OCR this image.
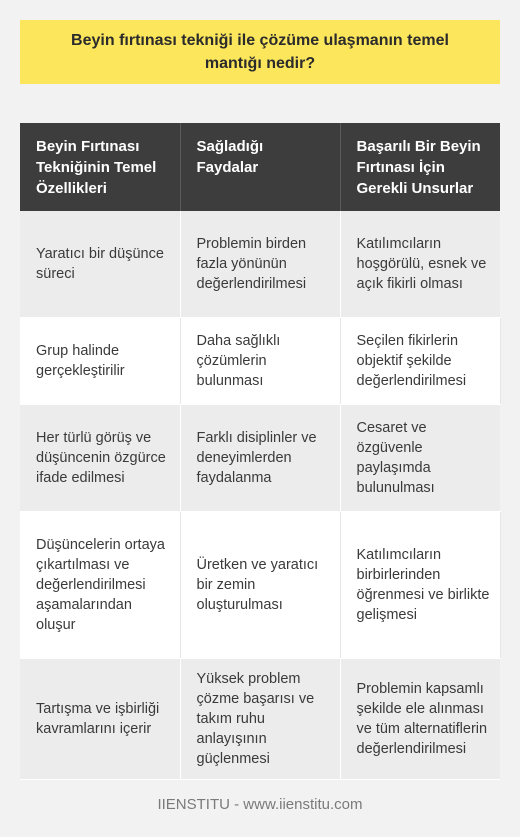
Beyin fırtınası tekniği ile çözüme ulaşmanın temel mantığı nedir?
Beyin Fırtınası Tekniğinin Temel Özellikleri	Sağladığı Faydalar	Başarılı Bir Beyin Fırtınası İçin Gerekli Unsurlar
Yaratıcı bir düşünce süreci	Problemin birden fazla yönünün değerlendirilmesi	Katılımcıların hoşgörülü, esnek ve açık fikirli olması
Grup halinde gerçekleştirilir	Daha sağlıklı çözümlerin bulunması	Seçilen fikirlerin objektif şekilde değerlendirilmesi
Her türlü görüş ve düşüncenin özgürce ifade edilmesi	Farklı disiplinler ve deneyimlerden faydalanma	Cesaret ve özgüvenle paylaşımda bulunulması
Düşüncelerin ortaya çıkartılması ve değerlendirilmesi aşamalarından oluşur	Üretken ve yaratıcı bir zemin oluşturulması	Katılımcıların birbirlerinden öğrenmesi ve birlikte gelişmesi
Tartışma ve işbirliği kavramlarını içerir	Yüksek problem çözme başarısı ve takım ruhu anlayışının güçlenmesi	Problemin kapsamlı şekilde ele alınması ve tüm alternatiflerin değerlendirilmesi
IIENSTITU - www.iienstitu.com
